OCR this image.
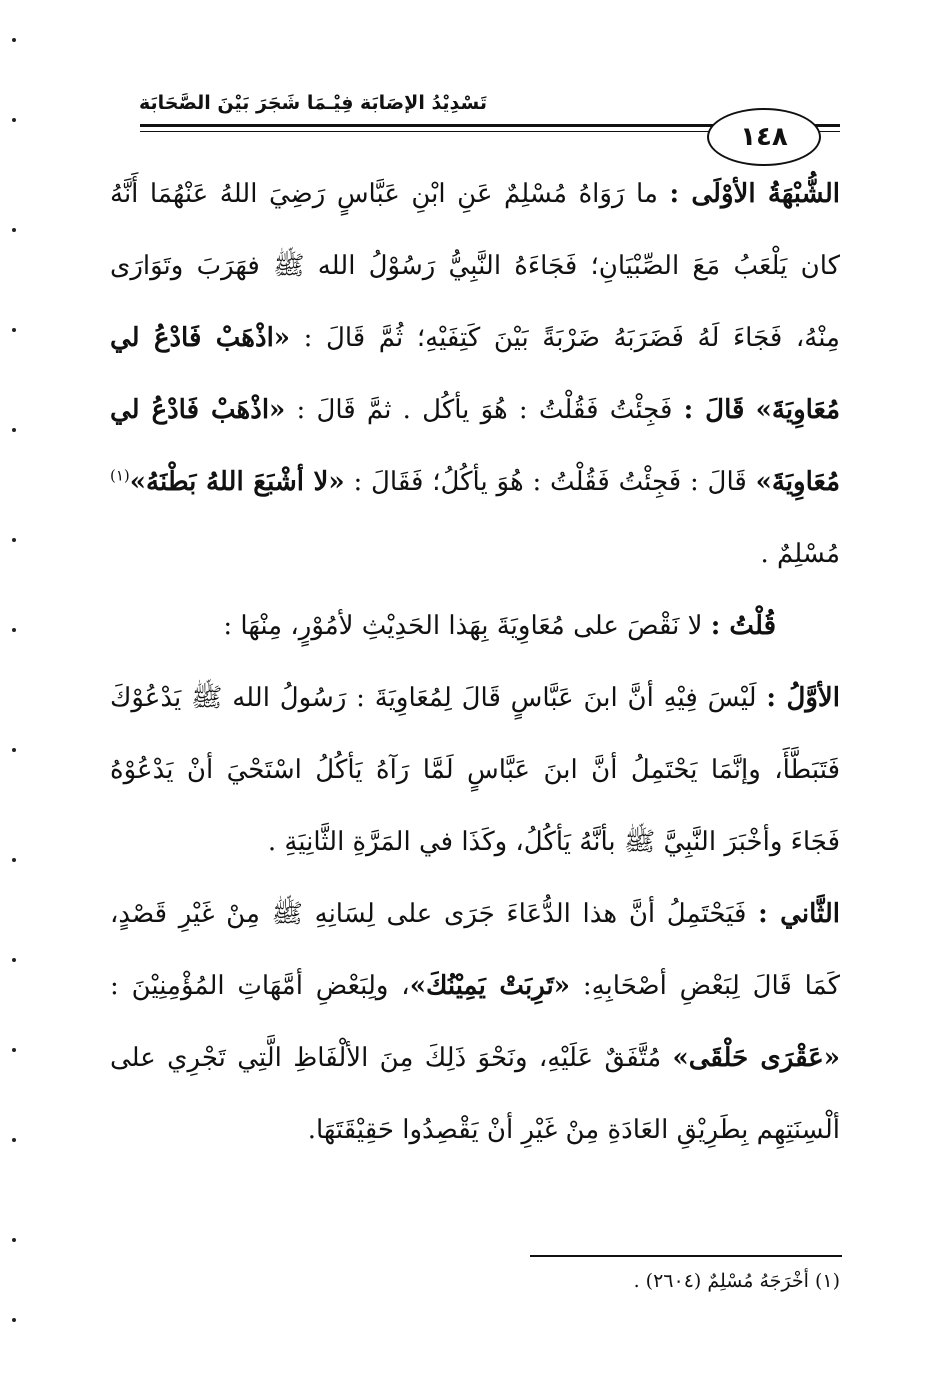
تَسْدِيْدُ الإصَابَة فِيْـمَا شَجَرَ بَيْنَ الصَّحَابَة
١٤٨

الشُّبْهَةُ الأوْلَى : ما رَوَاهُ مُسْلِمٌ عَنِ ابْنِ عَبَّاسٍ رَضِيَ اللهُ عَنْهُمَا أَنَّهُ كان يَلْعَبُ مَعَ الصِّبْيَانِ؛ فَجَاءَهُ النَّبِيُّ رَسُوْلُ الله ﷺ فهَرَبَ وتَوَارَى مِنْهُ، فَجَاءَ لَهُ فَضَرَبَهُ ضَرْبَةً بَيْنَ كَتِفَيْهِ؛ ثُمَّ قَالَ : «اذْهَبْ فَادْعُ لي مُعَاوِيَةَ» قَالَ : فَجِئْتُ فَقُلْتُ : هُوَ يأكُل . ثمَّ قَالَ : «اذْهَبْ فَادْعُ لي مُعَاوِيَةَ» قَالَ : فَجِئْتُ فَقُلْتُ : هُوَ يأكُلُ؛ فَقَالَ : «لا أشْبَعَ اللهُ بَطْنَهُ»$^{(١)}$ مُسْلِمٌ .

قُلْتُ : لا نَقْصَ على مُعَاوِيَةَ بِهَذا الحَدِيْثِ لأمُوْرٍ، مِنْهَا :

الأوَّلُ : لَيْسَ فِيْهِ أنَّ ابنَ عَبَّاسٍ قَالَ لِمُعَاوِيَةَ : رَسُولُ الله ﷺ يَدْعُوْكَ فَتَبَطَّأَ، وإنَّمَا يَحْتَمِلُ أنَّ ابنَ عَبَّاسٍ لَمَّا رَآهُ يَأكُلُ اسْتَحْيَ أنْ يَدْعُوْهُ فَجَاءَ وأخْبَرَ النَّبِيَّ ﷺ بأنَّهُ يَأكُلُ، وكَذَا في المَرَّةِ الثَّانِيَةِ .

الثَّاني : فَيَحْتَمِلُ أنَّ هذا الدُّعَاءَ جَرَى على لِسَانِهِ ﷺ مِنْ غَيْرِ قَصْدٍ، كَمَا قَالَ لِبَعْضِ أصْحَابِهِ: «تَرِبَتْ يَمِيْنُكَ»، ولِبَعْضِ أمَّهَاتِ المُؤْمِنِيْنَ : «عَقْرَى حَلْقَى» مُتَّفَقٌ عَلَيْهِ، ونَحْوَ ذَلِكَ مِنَ الألْفَاظِ الَّتِي تَجْرِي على ألْسِنَتِهِم بِطَرِيْقِ العَادَةِ مِنْ غَيْرِ أنْ يَقْصِدُوا حَقِيْقَتَهَا.

(١) أخْرَجَهُ مُسْلِمٌ (٢٦٠٤) .
